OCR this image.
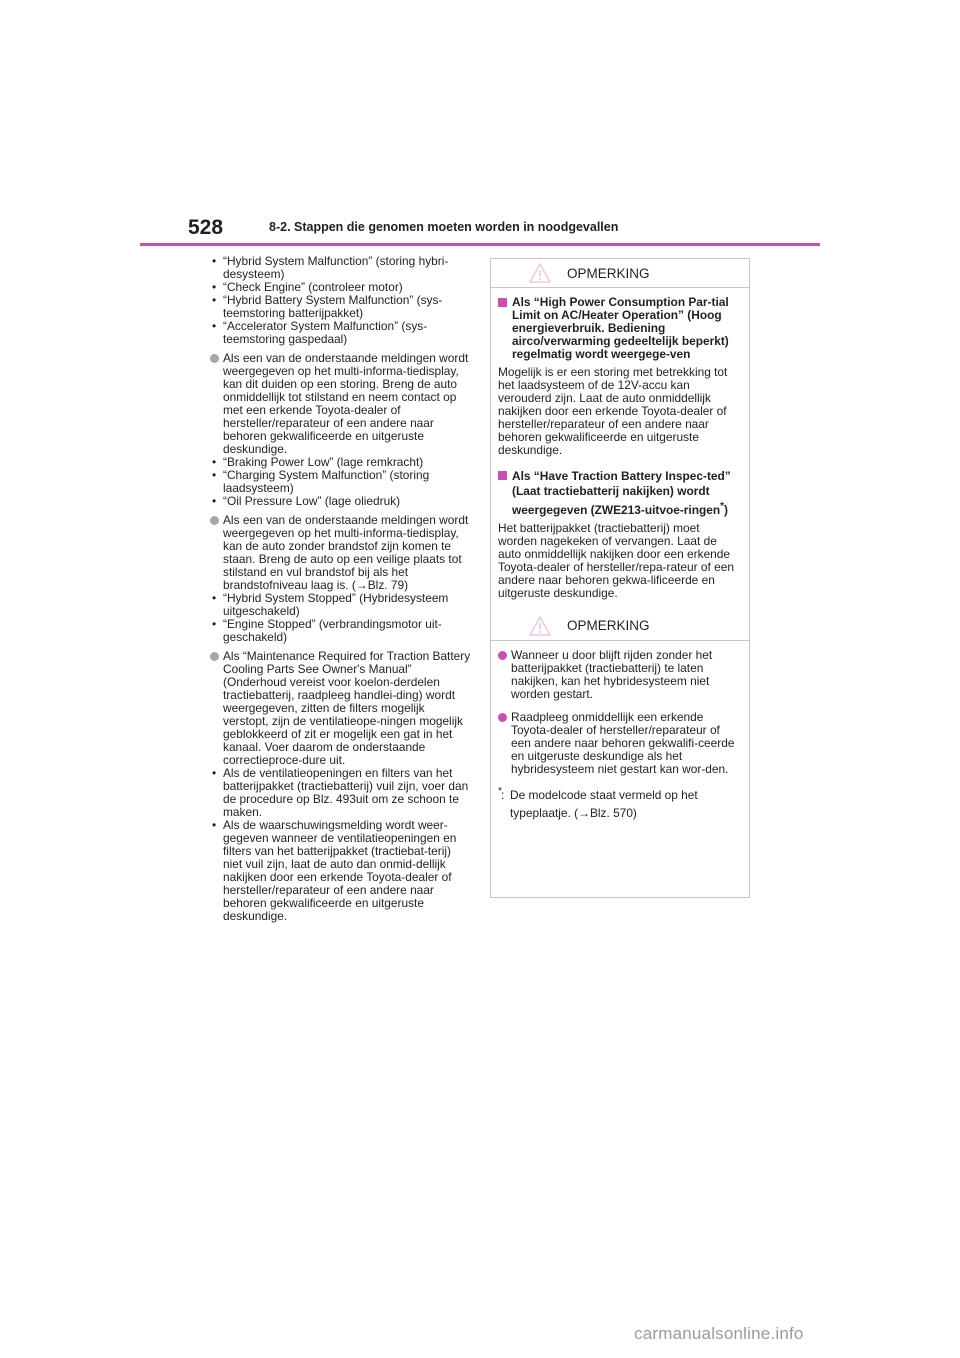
528	8-2. Stappen die genomen moeten worden in noodgevallen
• “Hybrid System Malfunction” (storing hybri-
desysteem)
• “Check Engine” (controleer motor)
• “Hybrid Battery System Malfunction” (sys-
teemstoring batterijpakket)
• “Accelerator System Malfunction” (sys-
teemstoring gaspedaal)
Als een van de onderstaande meldingen wordt weergegeven op het multi-informa-tiedisplay, kan dit duiden op een storing. Breng de auto onmiddellijk tot stilstand en neem contact op met een erkende Toyota-dealer of hersteller/reparateur of een andere naar behoren gekwalificeerde en uitgeruste deskundige.
• “Braking Power Low” (lage remkracht)
• “Charging System Malfunction” (storing
laadsysteem)
• “Oil Pressure Low” (lage oliedruk)
Als een van de onderstaande meldingen wordt weergegeven op het multi-informa-tiedisplay, kan de auto zonder brandstof zijn komen te staan. Breng de auto op een veilige plaats tot stilstand en vul brandstof bij als het brandstofniveau laag is. (→Blz. 79)
• “Hybrid System Stopped” (Hybridesysteem
uitgeschakeld)
• “Engine Stopped” (verbrandingsmotor uit-
geschakeld)
Als “Maintenance Required for Traction Battery Cooling Parts See Owner's Manual” (Onderhoud vereist voor koelon-derdelen tractiebatterij, raadpleeg handlei-ding) wordt weergegeven, zitten de filters mogelijk verstopt, zijn de ventilatieope-ningen mogelijk geblokkeerd of zit er mogelijk een gat in het kanaal. Voer daarom de onderstaande correctieproce-dure uit.
• Als de ventilatieopeningen en filters van het batterijpakket (tractiebatterij) vuil zijn, voer dan de procedure op Blz. 493uit om ze schoon te maken.
• Als de waarschuwingsmelding wordt weer-gegeven wanneer de ventilatieopeningen en filters van het batterijpakket (tractiebat-terij) niet vuil zijn, laat de auto dan onmid-dellijk nakijken door een erkende Toyota-dealer of hersteller/reparateur of een andere naar behoren gekwalificeerde en uitgeruste deskundige.
OPMERKING
Als “High Power Consumption Par-tial Limit on AC/Heater Operation” (Hoog energieverbruik. Bediening airco/verwarming gedeeltelijk beperkt) regelmatig wordt weergege-ven
Mogelijk is er een storing met betrekking tot het laadsysteem of de 12V-accu kan verouderd zijn. Laat de auto onmiddellijk nakijken door een erkende Toyota-dealer of hersteller/reparateur of een andere naar behoren gekwalificeerde en uitgeruste deskundige.
Als “Have Traction Battery Inspec-ted” (Laat tractiebatterij nakijken) wordt weergegeven (ZWE213-uitvoe-ringen*)
Het batterijpakket (tractiebatterij) moet worden nagekeken of vervangen. Laat de auto onmiddellijk nakijken door een erkende Toyota-dealer of hersteller/repa-rateur of een andere naar behoren gekwa-lificeerde en uitgeruste deskundige.
OPMERKING
Wanneer u door blijft rijden zonder het batterijpakket (tractiebatterij) te laten nakijken, kan het hybridesysteem niet worden gestart.
Raadpleeg onmiddellijk een erkende Toyota-dealer of hersteller/reparateur of een andere naar behoren gekwalifi-ceerde en uitgeruste deskundige als het hybridesysteem niet gestart kan wor-den.
* : De modelcode staat vermeld op het typeplaatje. (→Blz. 570)
carmanualsonline.info
